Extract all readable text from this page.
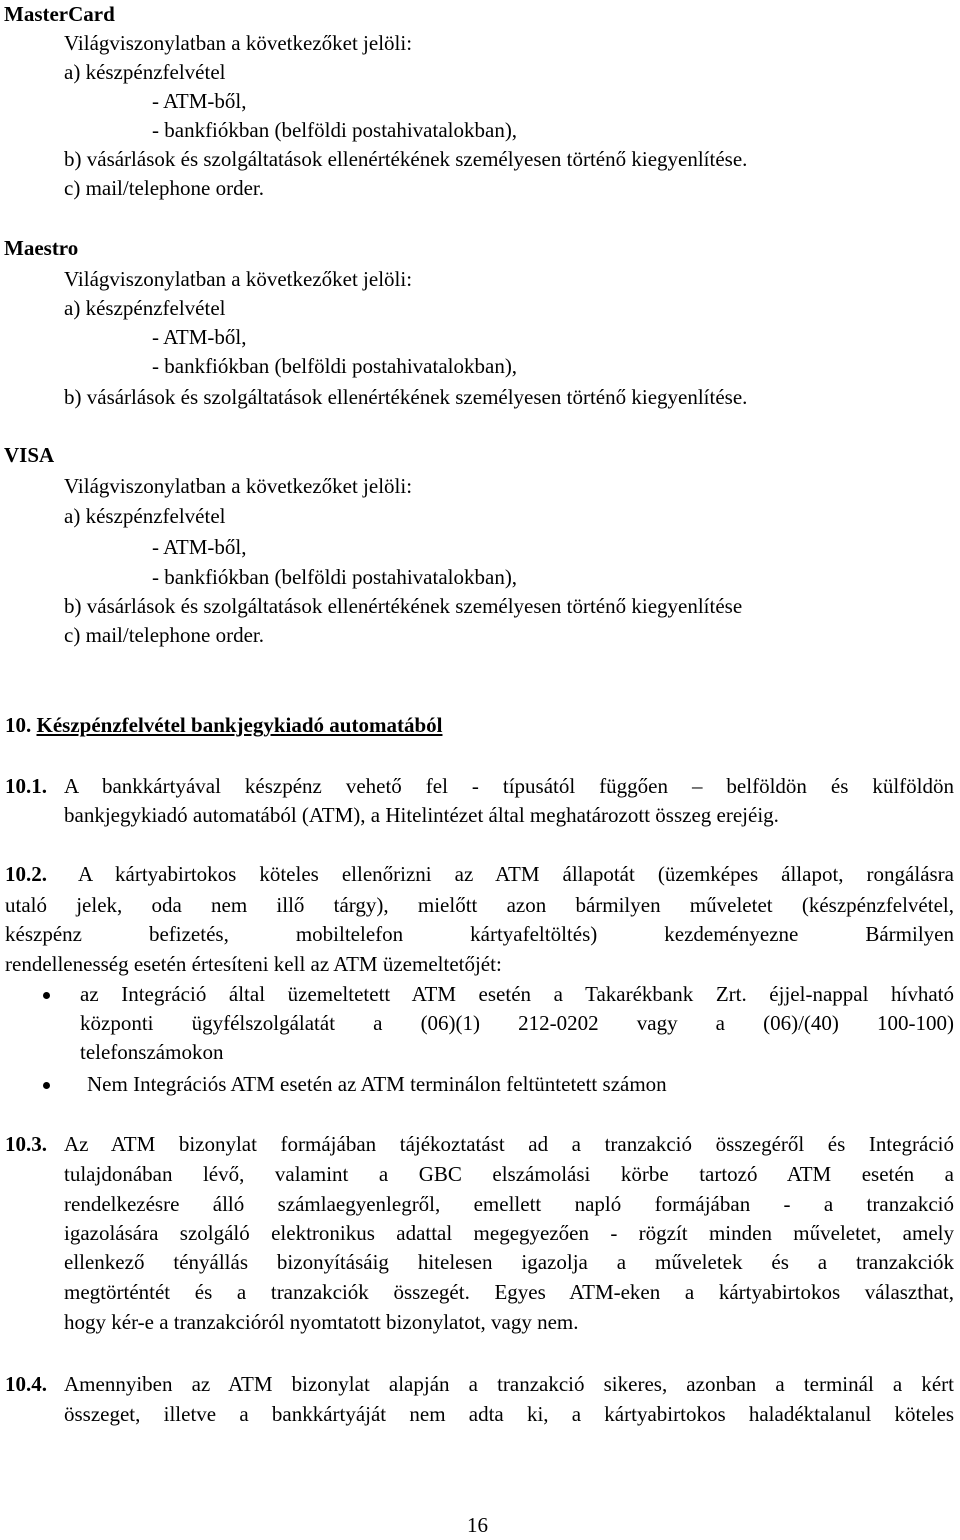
MasterCard
Világviszonylatban a következőket jelöli:
a) készpénzfelvétel
- ATM-ből,
- bankfiókban (belföldi postahivatalokban),
b) vásárlások és szolgáltatások ellenértékének személyesen történő kiegyenlítése.
c) mail/telephone order.
Maestro
Világviszonylatban a következőket jelöli:
a) készpénzfelvétel
- ATM-ből,
- bankfiókban (belföldi postahivatalokban),
b) vásárlások és szolgáltatások ellenértékének személyesen történő kiegyenlítése.
VISA
Világviszonylatban a következőket jelöli:
a) készpénzfelvétel
- ATM-ből,
- bankfiókban (belföldi postahivatalokban),
b) vásárlások és szolgáltatások ellenértékének személyesen történő kiegyenlítése
c) mail/telephone order.
10. Készpénzfelvétel bankjegykiadó automatából
10.1. A bankkártyával készpénz vehető fel - típusától függően – belföldön és külföldön
bankjegykiadó automatából (ATM), a Hitelintézet által meghatározott összeg erejéig.
10.2. A kártyabirtokos köteles ellenőrizni az ATM állapotát (üzemképes állapot, rongálásra
utaló jelek, oda nem illő tárgy), mielőtt azon bármilyen műveletet (készpénzfelvétel,
készpénz befizetés, mobiltelefon kártyafeltöltés) kezdeményezne Bármilyen
rendellenesség esetén értesíteni kell az ATM üzemeltetőjét:
az Integráció által üzemeltetett ATM esetén a Takarékbank Zrt. éjjel-nappal hívható
központi ügyfélszolgálatát a (06)(1) 212-0202 vagy a (06)/(40) 100-100)
telefonszámokon
Nem Integrációs ATM esetén az ATM terminálon feltüntetett számon
10.3. Az ATM bizonylat formájában tájékoztatást ad a tranzakció összegéről és Integráció
tulajdonában lévő, valamint a GBC elszámolási körbe tartozó ATM esetén a
rendelkezésre álló számlaegyenlegről, emellett napló formájában - a tranzakció
igazolására szolgáló elektronikus adattal megegyezően - rögzít minden műveletet, amely
ellenkező tényállás bizonyításáig hitelesen igazolja a műveletek és a tranzakciók
megtörténtét és a tranzakciók összegét. Egyes ATM-eken a kártyabirtokos választhat,
hogy kér-e a tranzakcióról nyomtatott bizonylatot, vagy nem.
10.4. Amennyiben az ATM bizonylat alapján a tranzakció sikeres, azonban a terminál a kért
összeget, illetve a bankkártyáját nem adta ki, a kártyabirtokos haladéktalanul köteles
16
